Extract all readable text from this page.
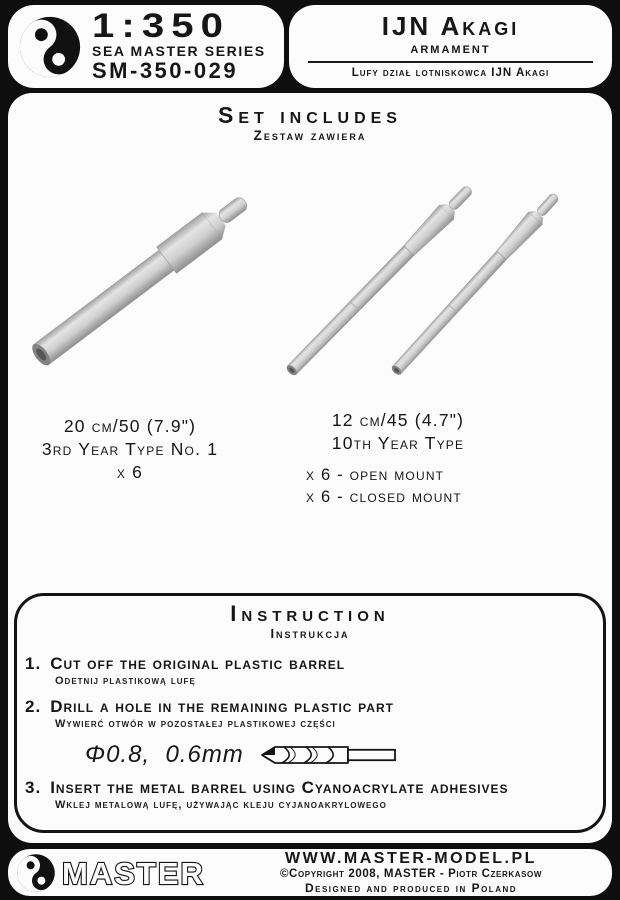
1:350
SEA MASTER SERIES
SM-350-029
IJN Akagi
armament
Lufy dział lotniskowca IJN Akagi
Set includes
Zestaw zawiera
20 cm/50 (7.9")
3rd Year Type No. 1
x 6
12 cm/45 (4.7")
10th Year Type
x 6 - open mount
x 6 - closed mount
Instruction
Instrukcja
1. Cut off the original plastic barrel
Odetnij plastikową lufę
2. Drill a hole in the remaining plastic part
Wywierć otwór w pozostałej plastikowej części
Φ0.8,  0.6mm
3. Insert the metal barrel using Cyanoacrylate adhesives
Wklej metalową lufę, używając kleju cyjanoakrylowego
MASTER	WWW.MASTER-MODEL.PL
©Copyright 2008, MASTER - Piotr Czerkasow
Designed and produced in Poland
